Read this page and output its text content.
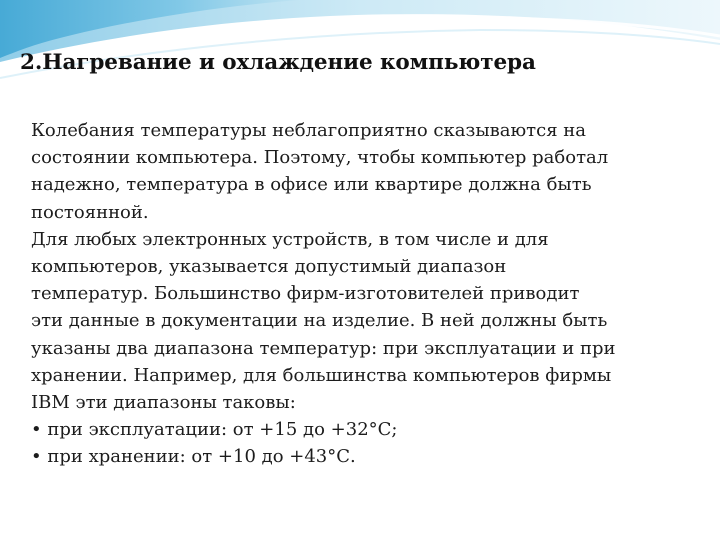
2.Нагревание и охлаждение компьютера
Колебания температуры неблагоприятно сказываются на
состоянии компьютера. Поэтому, чтобы компьютер работал
надежно, температура в офисе или квартире должна быть
постоянной.
Для любых электронных устройств, в том числе и для
компьютеров, указывается допустимый диапазон
температур. Большинство фирм-изготовителей приводит
эти данные в документации на изделие. В ней должны быть
указаны два диапазона температур: при эксплуатации и при
хранении. Например, для большинства компьютеров фирмы
IBM эти диапазоны таковы:
• при эксплуатации: от +15 до +32°С;
• при хранении: от +10 до +43°С.
